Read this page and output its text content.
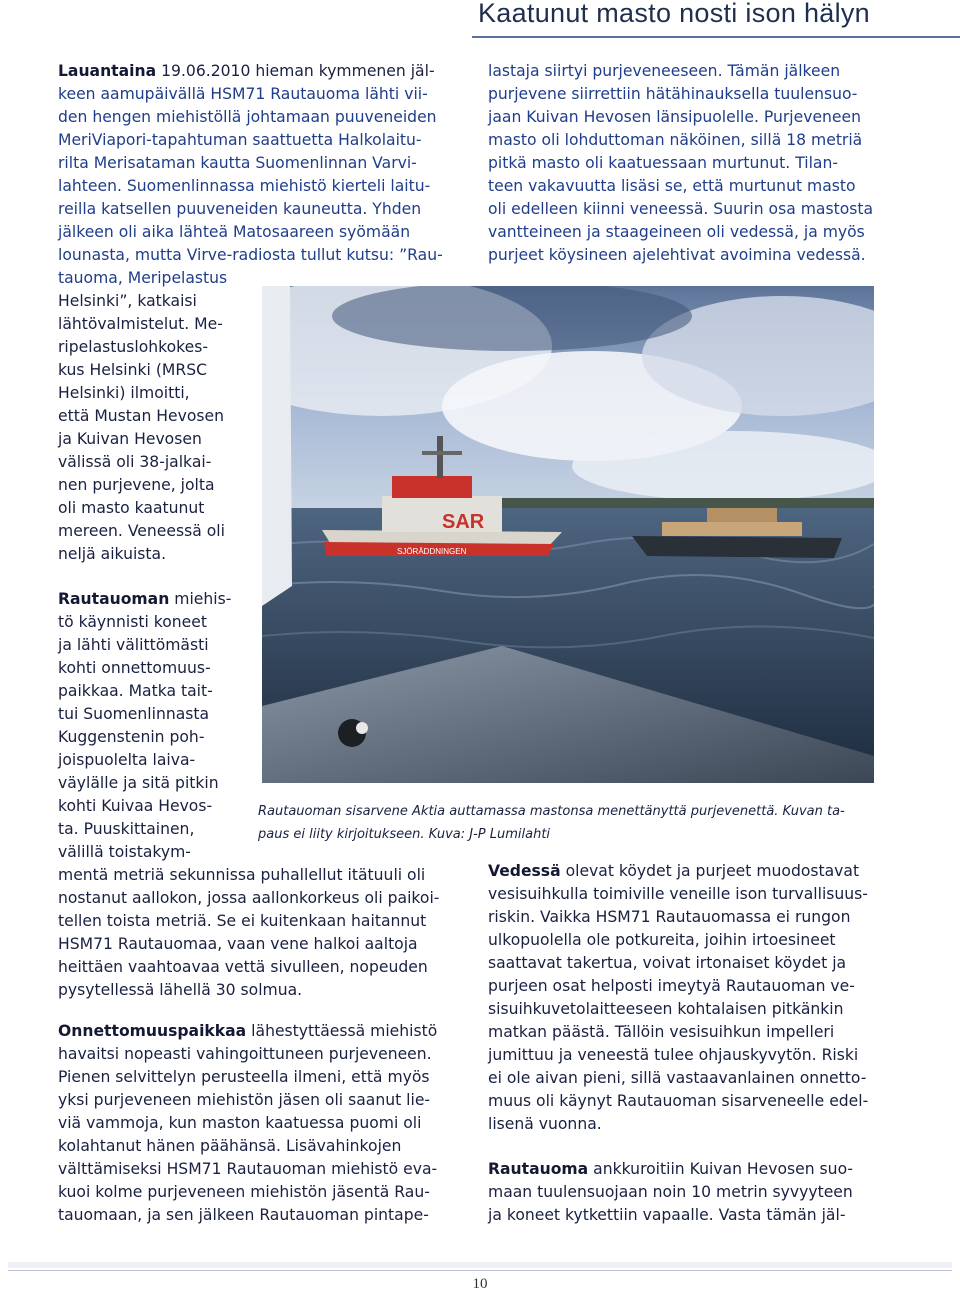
Kaatunut masto nosti ison hälyn
Lauantaina 19.06.2010 hieman kymmenen jäl-
keen aamupäivällä HSM71 Rautauoma lähti vii-
den hengen miehistöllä johtamaan puuveneiden
MeriViapori-tapahtuman saattuetta Halkolaitu-
rilta Merisataman kautta Suomenlinnan Varvi-
lahteen. Suomenlinnassa miehistö kierteli laitu-
reilla katsellen puuveneiden kauneutta. Yhden
jälkeen oli aika lähteä Matosaareen syömään
lounasta, mutta Virve-radiosta tullut kutsu: ”Rau-
tauoma, Meripelastus
Helsinki”, katkaisi
lähtövalmistelut. Me-
ripelastuslohkokes-
kus Helsinki (MRSC
Helsinki) ilmoitti,
että Mustan Hevosen
ja Kuivan Hevosen
välissä oli 38-jalkai-
nen purjevene, jolta
oli masto kaatunut
mereen. Veneessä oli
neljä aikuista.
Rautauoman miehis-
tö käynnisti koneet
ja lähti välittömästi
kohti onnettomuus-
paikkaa. Matka tait-
tui Suomenlinnasta
Kuggenstenin pоh-
joispuolelta laiva-
väylälle ja sitä pitkin
kohti Kuivaa Hevos-
ta. Puuskittainen,
välillä toistakym-
mentä metriä sekunnissa puhallellut itätuuli oli
nostanut aallokon, jossa aallonkorkeus oli paikoi-
tellen toista metriä. Se ei kuitenkaan haitannut
HSM71 Rautauomaa, vaan vene halkoi aaltoja
heittäen vaahtoavaa vettä sivulleen, nopeuden
pysytellessä lähellä 30 solmua.
Onnettomuuspaikkaa lähestyttäessä miehistö
havaitsi nopeasti vahingoittuneen purjeveneen.
Pienen selvittelyn perusteella ilmeni, että myös
yksi purjeveneen miehistön jäsen oli saanut lie-
viä vammoja, kun maston kaatuessa puomi oli
kolahtanut hänen päähänsä. Lisävahinkojen
välttämiseksi HSM71 Rautauoman miehistö eva-
kuoi kolme purjeveneen miehistön jäsentä Rau-
tauomaan, ja sen jälkeen Rautauoman pintape-
lastaja siirtyi purjeveneeseen. Tämän jälkeen
purjevene siirrettiin hätähinauksella tuulensuo-
jaan Kuivan Hevosen länsipuolelle. Purjeveneen
masto oli lohduttoman näköinen, sillä 18 metriä
pitkä masto oli kaatuessaan murtunut. Tilan-
teen vakavuutta lisäsi se, että murtunut masto
oli edelleen kiinni veneessä. Suurin osa mastosta
vantteineen ja staageineen oli vedessä, ja myös
purjeet köysineen ajelehtivat avoimina vedessä.
Vedessä olevat köydet ja purjeet muodostavat
vesisuihkulla toimiville veneille ison turvallisuus-
riskin. Vaikka HSM71 Rautauomassa ei rungon
ulkopuolella ole potkureita, joihin irtoesineet
saattavat takertua, voivat irtonaiset köydet ja
purjeen osat helposti imeytyä Rautauoman ve-
sisuihkuvetolaitteeseen kohtalaisen pitkänkin
matkan päästä. Tällöin vesisuihkun impelleri
jumittuu ja veneestä tulee ohjauskyvytön. Riski
ei ole aivan pieni, sillä vastaavanlainen onnetto-
muus oli käynyt Rautauoman sisarveneelle edel-
lisenä vuonna.
Rautauoma ankkuroitiin Kuivan Hevosen suo-
maan tuulensuojaan noin 10 metrin syvyyteen
ja koneet kytkettiin vapaalle. Vasta tämän jäl-
SAR
SJÖRÄDDNINGEN
Rautauoman sisarvene Aktia auttamassa mastonsa menettänyttä purjevenettä. Kuvan ta-
paus ei liity kirjoitukseen. Kuva: J-P Lumilahti
10
